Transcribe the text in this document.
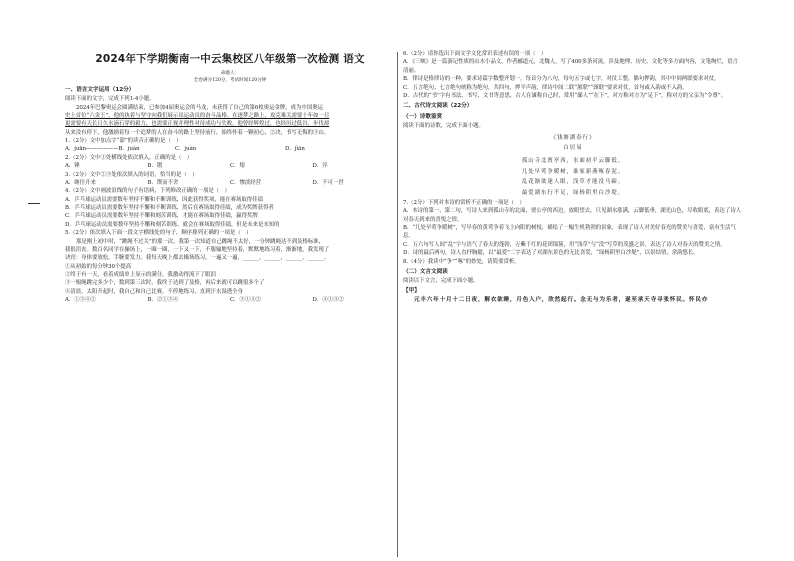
2024年下学期衡南一中云集校区八年级第一次检测 语文

命题人：

全卷满分120分，考试时间120分钟

一、语言文字运用（12分）

阅读下面的文字，完成下列1-4小题。

2024年巴黎奥运会圆满结束，已参加4届奥运会的马龙，未获得了自己的第6枚奥运金牌，成为中国奥运

史上首位“六金王”。他的执着与坚守向我们展示出运动员的奋斗品格。在逐梦之路上，攻克难关需要十年如一日

更需要有天长日久水滴石穿的毅力，也需要正视并理性对待成功与失败。他曾经辉煌过，也经历过低谷，步伐却

从来没有停下，他激励着每一个追梦的人在奋斗的路上坚持前行，始终怀着一颗初心，②决，书写无悔的③山。

1.（2分）文中加点字“澎”的读音正确的是（　）

A．juān——————B．juàn	C．juàn	D．jìān

2.（2分）文中①处横线处依次填入，正确的是（　）

A．锤	B．锻	C．熔	D．淬

3.（2分）文中②③处依次填入的词语，恰当的是（　）

A．继往开来	B．锲而不舍	C．惨淡经营	D．不可一世

4.（2分）文中画波浪线的句子有语病，下列修改正确的一项是（　）

A．乒乓球运动员需要数年坚持不懈和不断训练，因此获得奖项，能在赛场取得佳绩

B．乒乓球运动员需要数年坚持不懈和不断训练，然后在赛场取得佳绩，成为奖牌获得者

C．乒乓球运动员需要数年坚持不懈和刻苦训练，才能在赛场取得佳绩，赢得奖牌

D．乒乓球运动员需要数年坚持不懈和刻苦训练，就会在赛场取得佳绩，但是未来是未知的

5.（2分）依次填入下面一段文字横线处的句子，顺序排列正确的一项是（　）

那是刚上初中时，“跳绳不过关”的那一次，我第一次知道自己跳绳不太好，一分钟跳绳达不到及格标准，

我很沮丧。数百名同学在操场上，一圈一圈，一下又一下，不服输地坚持着，默默地练习着，渐渐地，我发现了

诀窍：身体要放松，手腕要发力。我每天晚上都去操场练习，一遍又一遍，______，______，______，______。

①从初始的每分钟30个提高

②终于有一天，看着成绩单上显示的满分，我激动得流下了眼泪

③一根绳跳完多少个，数到第三次时，我终于达到了及格，再后来就可以跳很多个了

④清晨，太阳升起时，我自己和自己比赛，不停地练习，直到汗水湿透全身

A．①③④②	B．②①③④	C．③①④②	D．④①③②

6.（2分）请你选出下面文学文化常识表述有误的一项（　）

A．《三峡》是一篇游记性质的山水小品文，作者郦道元，北魏人，写了400多条河流，涉及地理、历史、文化等多方面内容，文笔绚烂，语言清丽。

B．律诗是格律诗的一种，要求诗篇字数整齐划一，每首分为八句，每句五字或七字，对仗工整，偶句押韵，其中中间两联要求对仗。

C．五言绝句、七言绝句统称为绝句，共四句，押平声韵，律诗中间二联“颔联”“颈联”要求对仗，首句或入韵或不入韵。

D．古代的“书”字有书法、书写、文书等意思，古人在谦称自己时，常用“鄙人”“在下”，对方称对方为“足下”，称对方的父亲为“令尊”。

二、古代诗文阅读（22分）

（一）诗歌鉴赏

阅读下面的诗歌，完成下面小题。

《钱塘湖春行》

白居易

孤山寺北贾亭西，水面初平云脚低。

几处早莺争暖树，谁家新燕啄春泥。

乱花渐欲迷人眼，浅草才能没马蹄。

最爱湖东行不足，绿杨阴里白沙堤。

7.（2分）下列对本诗的赏析不正确的一项是（　）

A．本诗的第一、第二句，写诗人来到孤山寺的北面，贾公亭的西边，放眼望去，只见湖水涨满，云脚低垂，湖光山色，尽收眼底，表达了诗人对春天到来的喜悦之情。

B．“几处早莺争暖树”，写早春的黄莺争着飞上向阳的树枝，描绘了一幅生机勃勃的景象，表现了诗人对美好春光的赞美与喜爱，富有生活气息。

C．五六句写人间“乱”字与语气了春天的蓬勃，万紫千红的花团锦簇，用“浅草”与“没”写草的茂盛之景，表达了诗人对春天的赞美之情。

D．诗的最后两句，诗人直抒胸臆，以“最爱”二字表达了对湖东景色的无比喜爱，“绿杨阴里白沙堤”，以景结情，余韵悠长。

8.（4分）我读中“争”“啄”的妙处，请简要赏析。

（二）文言文阅读

阅读以下文言，完成下面小题。

【甲】

元丰六年十月十二日夜，解衣欲睡，月色入户，欣然起行。念无与为乐者，遂至承天寺寻张怀民。怀民亦
